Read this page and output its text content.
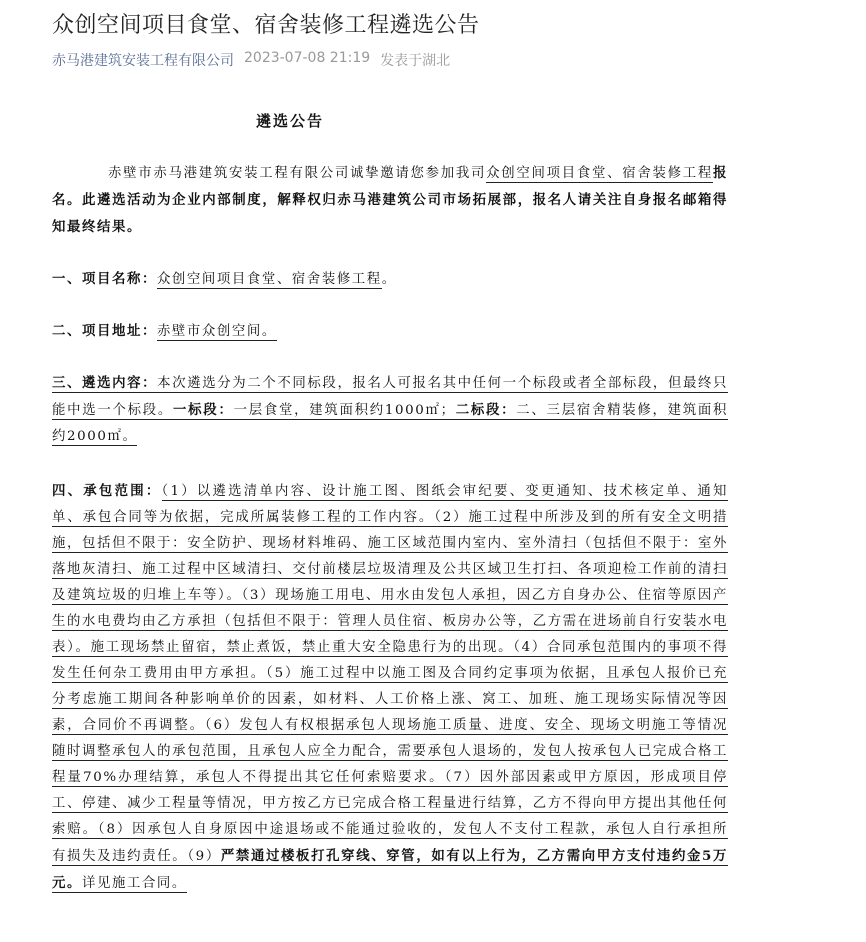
众创空间项目食堂、宿舍装修工程遴选公告
赤马港建筑安装工程有限公司 2023-07-08 21:19 发表于湖北
遴选公告
赤壁市赤马港建筑安装工程有限公司诚挚邀请您参加我司众创空间项目食堂、宿舍装修工程报名。此遴选活动为企业内部制度，解释权归赤马港建筑公司市场拓展部，报名人请关注自身报名邮箱得知最终结果。
一、项目名称：众创空间项目食堂、宿舍装修工程。
二、项目地址：赤壁市众创空间。
三、遴选内容：本次遴选分为二个不同标段，报名人可报名其中任何一个标段或者全部标段，但最终只能中选一个标段。一标段：一层食堂，建筑面积约1000㎡；二标段：二、三层宿舍精装修，建筑面积约2000㎡。
四、承包范围：（1）以遴选清单内容、设计施工图、图纸会审纪要、变更通知、技术核定单、通知单、承包合同等为依据，完成所属装修工程的工作内容。（2）施工过程中所涉及到的所有安全文明措施，包括但不限于：安全防护、现场材料堆码、施工区域范围内室内、室外清扫（包括但不限于：室外落地灰清扫、施工过程中区域清扫、交付前楼层垃圾清理及公共区域卫生打扫、各项迎检工作前的清扫及建筑垃圾的归堆上车等）。（3）现场施工用电、用水由发包人承担，因乙方自身办公、住宿等原因产生的水电费均由乙方承担（包括但不限于：管理人员住宿、板房办公等，乙方需在进场前自行安装水电表）。施工现场禁止留宿，禁止煮饭，禁止重大安全隐患行为的出现。（4）合同承包范围内的事项不得发生任何杂工费用由甲方承担。（5）施工过程中以施工图及合同约定事项为依据，且承包人报价已充分考虑施工期间各种影响单价的因素，如材料、人工价格上涨、窝工、加班、施工现场实际情况等因素，合同价不再调整。（6）发包人有权根据承包人现场施工质量、进度、安全、现场文明施工等情况随时调整承包人的承包范围，且承包人应全力配合，需要承包人退场的，发包人按承包人已完成合格工程量70%办理结算，承包人不得提出其它任何索赔要求。（7）因外部因素或甲方原因，形成项目停工、停建、减少工程量等情况，甲方按乙方已完成合格工程量进行结算，乙方不得向甲方提出其他任何索赔。（8）因承包人自身原因中途退场或不能通过验收的，发包人不支付工程款，承包人自行承担所有损失及违约责任。（9）严禁通过楼板打孔穿线、穿管，如有以上行为，乙方需向甲方支付违约金5万元。详见施工合同。
